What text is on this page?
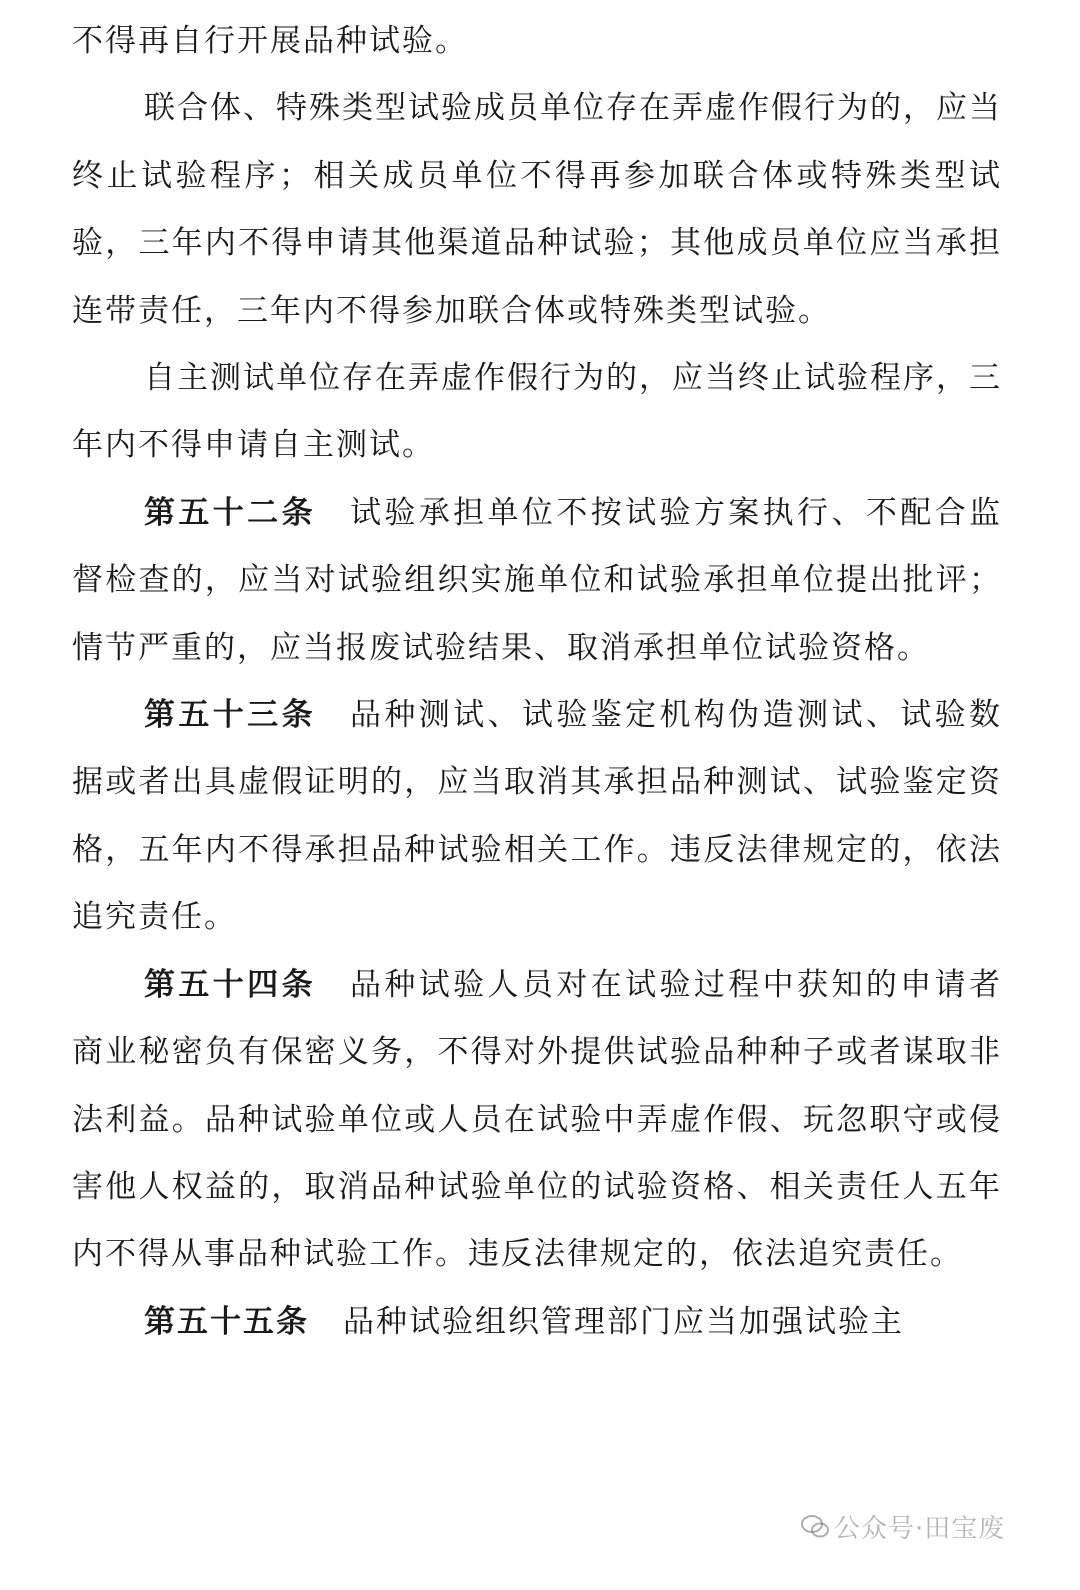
不得再自行开展品种试验。

联合体、特殊类型试验成员单位存在弄虚作假行为的，应当终止试验程序；相关成员单位不得再参加联合体或特殊类型试验，三年内不得申请其他渠道品种试验；其他成员单位应当承担连带责任，三年内不得参加联合体或特殊类型试验。

自主测试单位存在弄虚作假行为的，应当终止试验程序，三年内不得申请自主测试。

第五十二条 试验承担单位不按试验方案执行、不配合监督检查的，应当对试验组织实施单位和试验承担单位提出批评；情节严重的，应当报废试验结果、取消承担单位试验资格。

第五十三条 品种测试、试验鉴定机构伪造测试、试验数据或者出具虚假证明的，应当取消其承担品种测试、试验鉴定资格，五年内不得承担品种试验相关工作。违反法律规定的，依法追究责任。

第五十四条 品种试验人员对在试验过程中获知的申请者商业秘密负有保密义务，不得对外提供试验品种种子或者谋取非法利益。品种试验单位或人员在试验中弄虚作假、玩忽职守或侵害他人权益的，取消品种试验单位的试验资格、相关责任人五年内不得从事品种试验工作。违反法律规定的，依法追究责任。

第五十五条 品种试验组织管理部门应当加强试验主

公众号·田宝废
